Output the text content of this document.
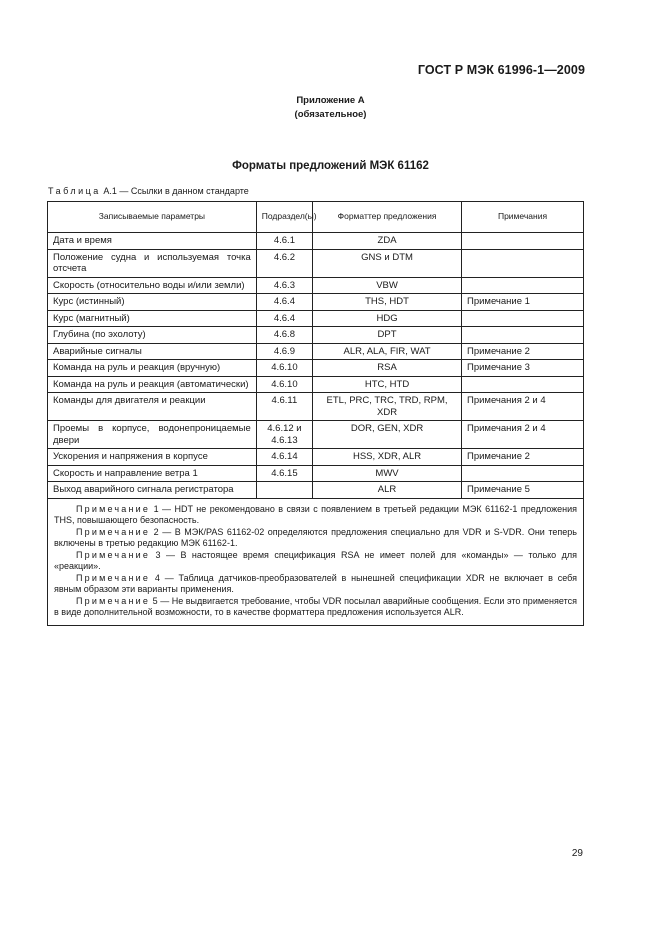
ГОСТ Р МЭК 61996-1—2009
Приложение А
(обязательное)
Форматы предложений МЭК 61162
Таблица А.1 — Ссылки в данном стандарте
Записываемые параметры	Подраздел(ы)	Форматтер предложения	Примечания
Дата и время	4.6.1	ZDA	
Положение судна и используемая точка отсчета	4.6.2	GNS и DTM	
Скорость (относительно воды и/или земли)	4.6.3	VBW	
Курс (истинный)	4.6.4	THS, HDT	Примечание 1
Курс (магнитный)	4.6.4	HDG	
Глубина (по эхолоту)	4.6.8	DPT	
Аварийные сигналы	4.6.9	ALR, ALA, FIR, WAT	Примечание 2
Команда на руль и реакция (вручную)	4.6.10	RSA	Примечание 3
Команда на руль и реакция (автоматически)	4.6.10	HTC, HTD	
Команды для двигателя и реакции	4.6.11	ETL, PRC, TRC, TRD, RPM, XDR	Примечания 2 и 4
Проемы в корпусе, водонепроницаемые двери	4.6.12 и 4.6.13	DOR, GEN, XDR	Примечания 2 и 4
Ускорения и напряжения в корпусе	4.6.14	HSS, XDR, ALR	Примечание 2
Скорость и направление ветра 1	4.6.15	MWV	
Выход аварийного сигнала регистратора		ALR	Примечание 5

Примечание 1 — HDT не рекомендовано в связи с появлением в третьей редакции МЭК 61162-1 предложения THS, повышающего безопасность.

Примечание 2 — В МЭК/PAS 61162-02 определяются предложения специально для VDR и S-VDR. Они теперь включены в третью редакцию МЭК 61162-1.

Примечание 3 — В настоящее время спецификация RSA не имеет полей для «команды» — только для «реакции».

Примечание 4 — Таблица датчиков-преобразователей в нынешней спецификации XDR не включает в себя явным образом эти варианты применения.

Примечание 5 — Не выдвигается требование, чтобы VDR посылал аварийные сообщения. Если это применяется в виде дополнительной возможности, то в качестве форматтера предложения используется ALR.			

29
